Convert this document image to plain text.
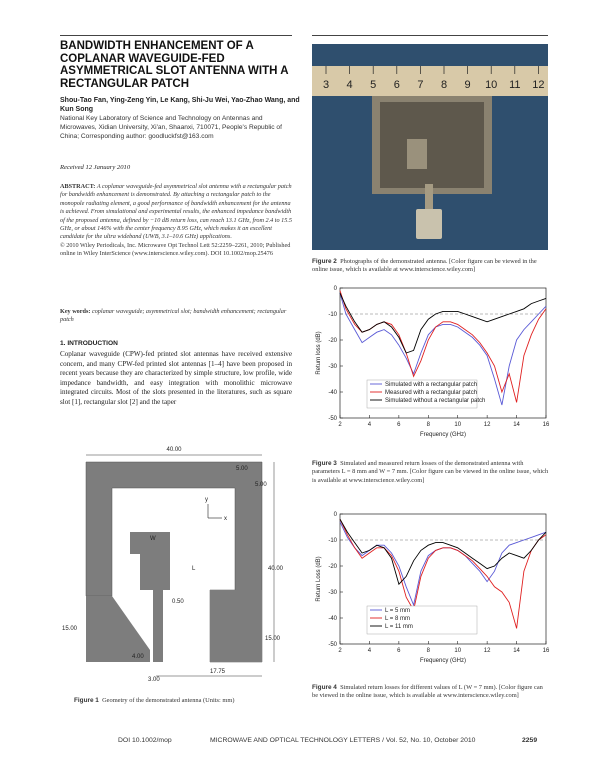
BANDWIDTH ENHANCEMENT OF A COPLANAR WAVEGUIDE-FED ASYMMETRICAL SLOT ANTENNA WITH A RECTANGULAR PATCH
Shou-Tao Fan, Ying-Zeng Yin, Le Kang, Shi-Ju Wei, Yao-Zhao Wang, and Kun Song
National Key Laboratory of Science and Technology on Antennas and Microwaves, Xidian University, Xi'an, Shaanxi, 710071, People's Republic of China; Corresponding author: goodluckfst@163.com
Received 12 January 2010
ABSTRACT: A coplanar waveguide-fed asymmetrical slot antenna with a rectangular patch for bandwidth enhancement is demonstrated. By attaching a rectangular patch to the monopole radiating element, a good performance of bandwidth enhancement for the antenna is achieved. From simulational and experimental results, the enhanced impedance bandwidth of the proposed antenna, defined by −10 dB return loss, can reach 13.1 GHz, from 2.4 to 15.5 GHz, or about 146% with the center frequency 8.95 GHz, which makes it an excellent candidate for the ultra wideband (UWB, 3.1–10.6 GHz) applications.
© 2010 Wiley Periodicals, Inc. Microwave Opt Technol Lett 52:2259–2261, 2010; Published online in Wiley InterScience (www.interscience.wiley.com). DOI 10.1002/mop.25476
Key words: coplanar waveguide; asymmetrical slot; bandwidth enhancement; rectangular patch
1. INTRODUCTION
Coplanar waveguide (CPW)-fed printed slot antennas have received extensive concern, and many CPW-fed printed slot antennas [1–4] have been proposed in recent years because they are characterized by simple structure, low profile, wide impedance bandwidth, and easy integration with monolithic microwave integrated circuits. Most of the slots presented in the literatures, such as square slot [1], rectangular slot [2] and the taper
40.00
5.00
5.00
40.00
15.00
15.00
0.50
4.00
3.00
17.75
W
L
x
y
Figure 1 Geometry of the demonstrated antenna (Units: mm)
3 4 5 6 7 8 9 10 11 12
Figure 2 Photographs of the demonstrated antenna. [Color figure can be viewed in the online issue, which is available at www.interscience.wiley.com]
2	4	6	8	10	12	14	16
0
-10
-20
-30
-40
-50
Frequency (GHz)
Return loss (dB)
Simulated with a rectangular patch
Measured with a rectangular patch
Simulated without a rectangular patch
Figure 3 Simulated and measured return losses of the demonstrated antenna with parameters L = 8 mm and W = 7 mm. [Color figure can be viewed in the online issue, which is available at www.interscience.wiley.com]
2	4	6	8	10	12	14	16
0
-10
-20
-30
-40
-50
Frequency (GHz)
Return Loss (dB)
L = 5 mm
L = 8 mm
L = 11 mm
Figure 4 Simulated return losses for different values of L (W = 7 mm). [Color figure can be viewed in the online issue, which is available at www.interscience.wiley.com]
DOI 10.1002/mop	MICROWAVE AND OPTICAL TECHNOLOGY LETTERS / Vol. 52, No. 10, October 2010	2259
